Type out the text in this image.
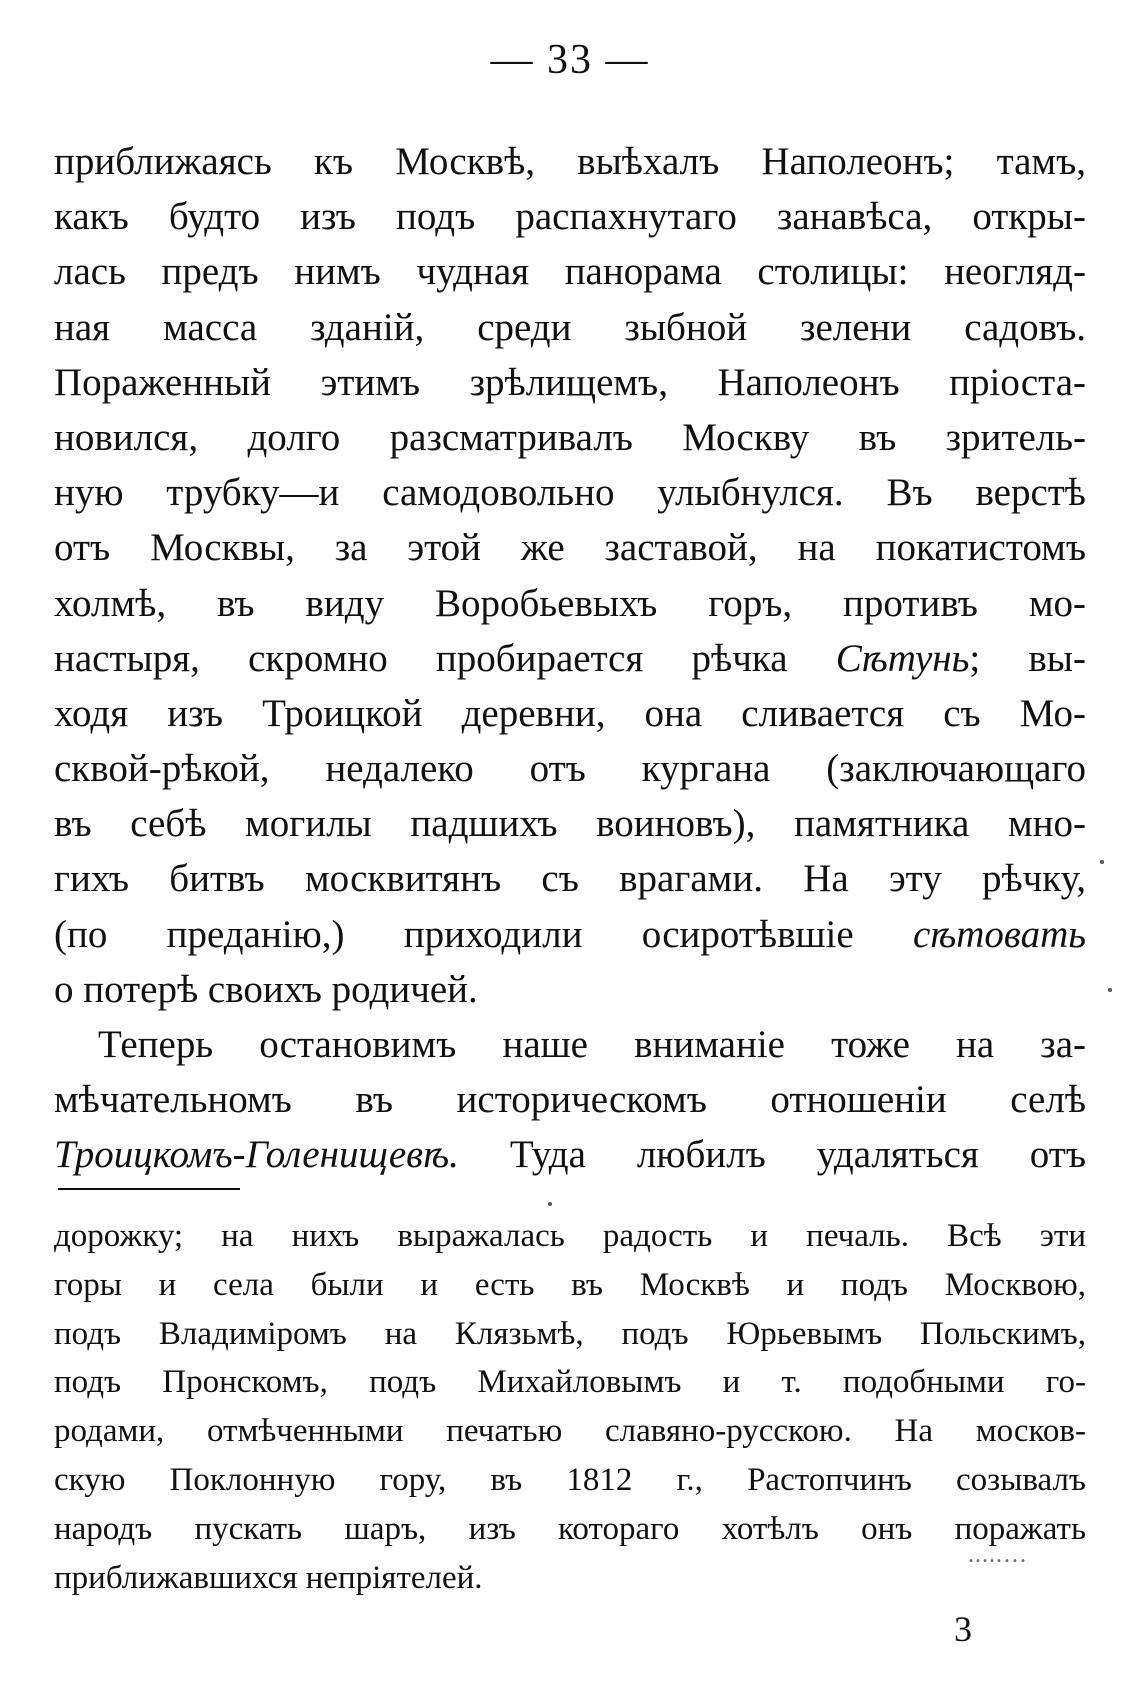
— 33 —
приближаясь къ Москвѣ, выѣхалъ Наполеонъ; тамъ,
какъ будто изъ подъ распахнутаго занавѣса, откры-
лась предъ нимъ чудная панорама столицы: неогляд-
ная масса зданій, среди зыбной зелени садовъ.
Пораженный этимъ зрѣлищемъ, Наполеонъ пріоста-
новился, долго разсматривалъ Москву въ зритель-
ную трубку—и самодовольно улыбнулся. Въ верстѣ
отъ Москвы, за этой же заставой, на покатистомъ
холмѣ, въ виду Воробьевыхъ горъ, противъ мо-
настыря, скромно пробирается рѣчка Сѣтунь; вы-
ходя изъ Троицкой деревни, она сливается съ Мо-
сквой-рѣкой, недалеко отъ кургана (заключающаго
въ себѣ могилы падшихъ воиновъ), памятника мно-
гихъ битвъ москвитянъ съ врагами. На эту рѣчку,
(по преданію,) приходили осиротѣвшіе сѣтовать
о потерѣ своихъ родичей.
Теперь остановимъ наше вниманіе тоже на за-
мѣчательномъ въ историческомъ отношеніи селѣ
Троицкомъ-Голенищевѣ. Туда любилъ удаляться отъ
дорожку; на нихъ выражалась радость и печаль. Всѣ эти
горы и села были и есть въ Москвѣ и подъ Москвою,
подъ Владиміромъ на Клязьмѣ, подъ Юрьевымъ Польскимъ,
подъ Пронскомъ, подъ Михайловымъ и т. подобными го-
родами, отмѣченными печатью славяно-русскою. На москов-
скую Поклонную гору, въ 1812 г., Растопчинъ созывалъ
народъ пускать шаръ, изъ котораго хотѣлъ онъ поражать
приближавшихся непріятелей.
.....…
3
